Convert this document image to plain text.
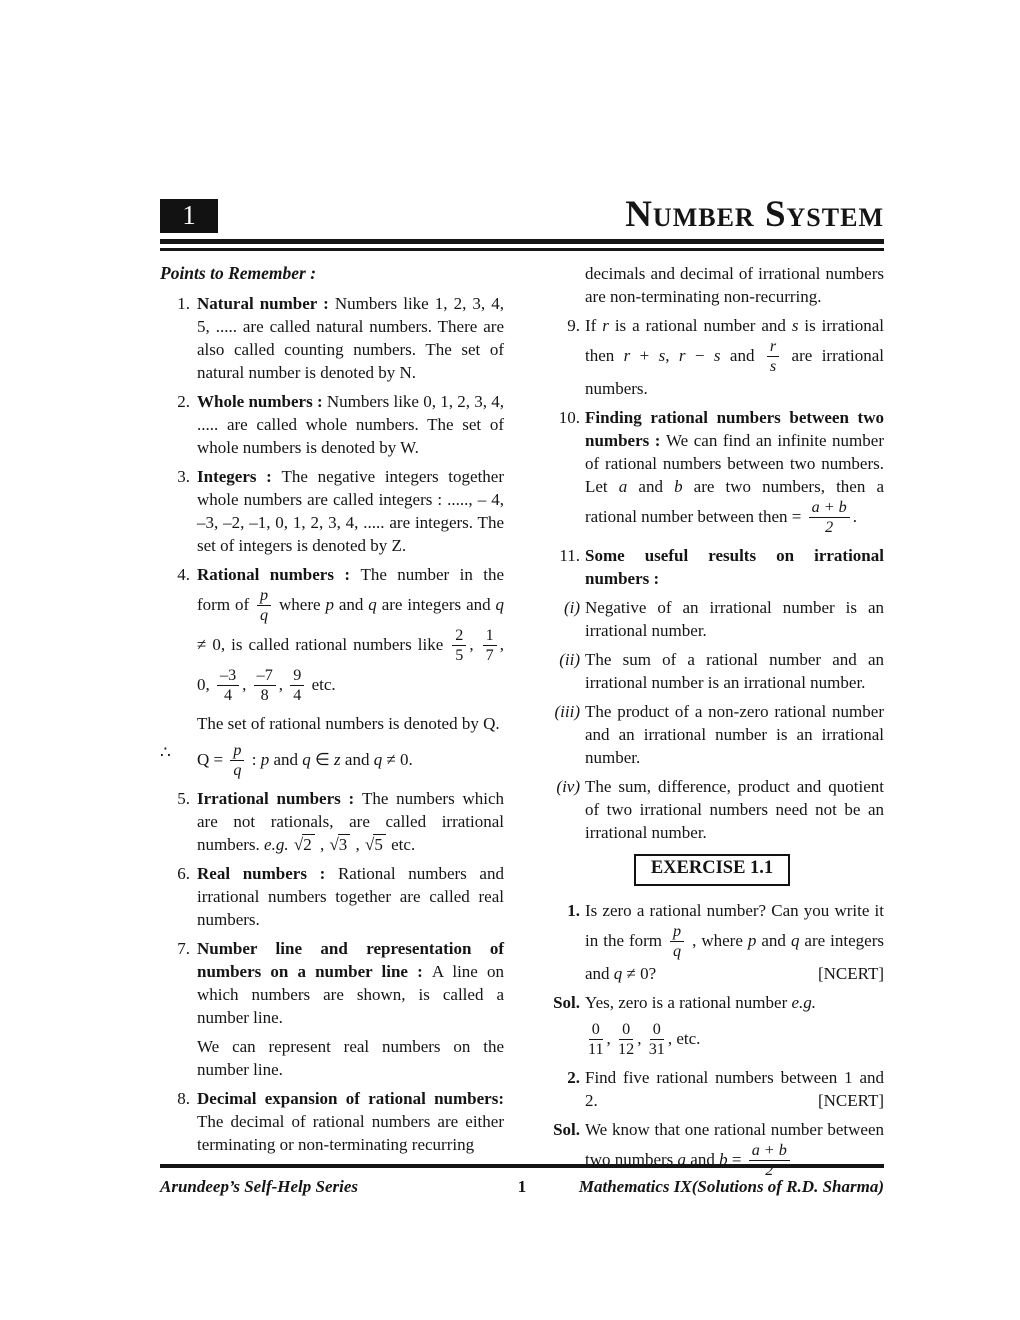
1	Number System
Points to Remember :
1. Natural number : Numbers like 1, 2, 3, 4, 5, ..... are called natural numbers. There are also called counting numbers. The set of natural number is denoted by N.
2. Whole numbers : Numbers like 0, 1, 2, 3, 4, ..... are called whole numbers. The set of whole numbers is denoted by W.
3. Integers : The negative integers together whole numbers are called integers : ....., – 4, –3, –2, –1, 0, 1, 2, 3, 4, ..... are integers. The set of integers is denoted by Z.
4. Rational numbers : The number in the form of $\frac{p}{q}$ where p and q are integers and q ≠ 0, is called rational numbers like $\frac{2}{5}$ , $\frac{1}{7}$ , 0, $\frac{-3}{4}$ , $\frac{-7}{8}$ , $\frac{9}{4}$ etc.
The set of rational numbers is denoted by Q.
∴	$Q = \frac{p}{q}$ : p and q ∈ z and q ≠ 0.
5. Irrational numbers : The numbers which are not rationals, are called irrational numbers. e.g. √2 , √3 , √5 etc.
6. Real numbers : Rational numbers and irrational numbers together are called real numbers.
7. Number line and representation of numbers on a number line : A line on which numbers are shown, is called a number line.
We can represent real numbers on the number line.
8. Decimal expansion of rational numbers: The decimal of rational numbers are either terminating or non-terminating recurring
decimals and decimal of irrational numbers are non-terminating non-recurring.
9. If r is a rational number and s is irrational then r + s, r − s and $\frac{r}{s}$ are irrational numbers.
10. Finding rational numbers between two numbers : We can find an infinite number of rational numbers between two numbers. Let a and b are two numbers, then a rational number between then = $\frac{a + b}{2}$ .
11. Some useful results on irrational numbers :
(i) Negative of an irrational number is an irrational number.
(ii) The sum of a rational number and an irrational number is an irrational number.
(iii) The product of a non-zero rational number and an irrational number is an irrational number.
(iv) The sum, difference, product and quotient of two irrational numbers need not be an irrational number.
EXERCISE 1.1
1. Is zero a rational number? Can you write it in the form $\frac{p}{q}$ , where p and q are integers and q ≠ 0?	[NCERT]
Sol. Yes, zero is a rational number e.g.
$\frac{0}{11}$ , $\frac{0}{12}$ , $\frac{0}{31}$ , etc.
2. Find five rational numbers between 1 and 2.	[NCERT]
Sol. We know that one rational number between two numbers a and $b = \frac{a + b}{2}$
Arundeep’s Self-Help Series	1	Mathematics IX(Solutions of R.D. Sharma)
